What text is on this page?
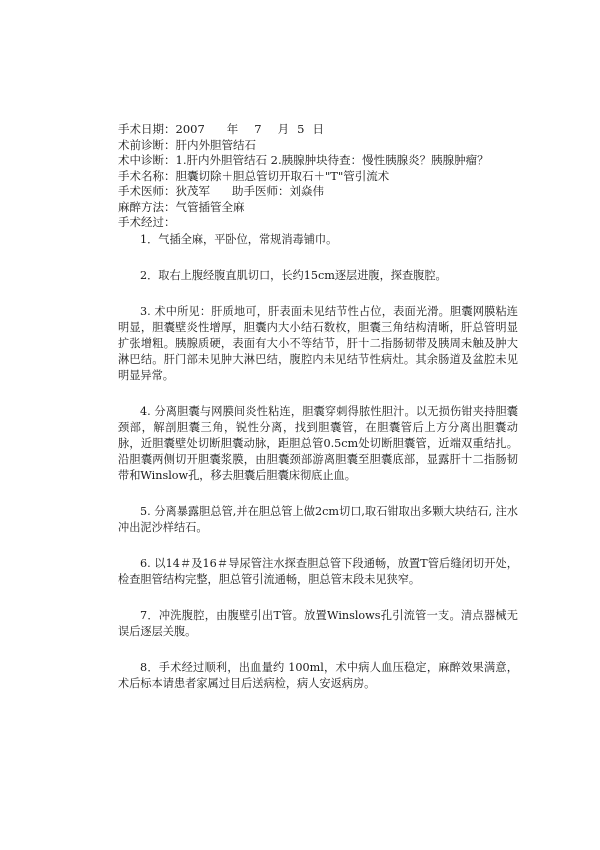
手术日期：2007 年 7 月 5 日
术前诊断：肝内外胆管结石
术中诊断：1.肝内外胆管结石 2.胰腺肿块待查：慢性胰腺炎？胰腺肿瘤？
手术名称：胆囊切除＋胆总管切开取石＋"T"管引流术
手术医师：狄茂军 助手医师：刘焱伟
麻醉方法：气管插管全麻
手术经过：

1．气插全麻，平卧位，常规消毒铺巾。

2．取右上腹经腹直肌切口，长约15cm逐层进腹，探查腹腔。

3. 术中所见：肝质地可，肝表面未见结节性占位，表面光滑。胆囊网膜粘连明显，胆囊壁炎性增厚，胆囊内大小结石数枚，胆囊三角结构清晰，肝总管明显扩张增粗。胰腺质硬，表面有大小不等结节，肝十二指肠韧带及胰周未触及肿大淋巴结。肝门部未见肿大淋巴结，腹腔内未见结节性病灶。其余肠道及盆腔未见明显异常。

4. 分离胆囊与网膜间炎性粘连，胆囊穿刺得脓性胆汁。以无损伤钳夹持胆囊颈部，解剖胆囊三角，锐性分离，找到胆囊管，在胆囊管后上方分离出胆囊动脉，近胆囊壁处切断胆囊动脉，距胆总管0.5cm处切断胆囊管，近端双重结扎。沿胆囊两侧切开胆囊浆膜，由胆囊颈部游离胆囊至胆囊底部，显露肝十二指肠韧带和Winslow孔，移去胆囊后胆囊床彻底止血。

5. 分离暴露胆总管,并在胆总管上做2cm切口,取石钳取出多颗大块结石, 注水冲出泥沙样结石。

6. 以14＃及16＃导尿管注水探查胆总管下段通畅，放置T管后缝闭切开处，检查胆管结构完整，胆总管引流通畅，胆总管末段未见狭窄。

7．冲洗腹腔，由腹壁引出T管。放置Winslows孔引流管一支。清点器械无误后逐层关腹。

8．手术经过顺利，出血量约 100ml，术中病人血压稳定，麻醉效果满意，术后标本请患者家属过目后送病检，病人安返病房。
